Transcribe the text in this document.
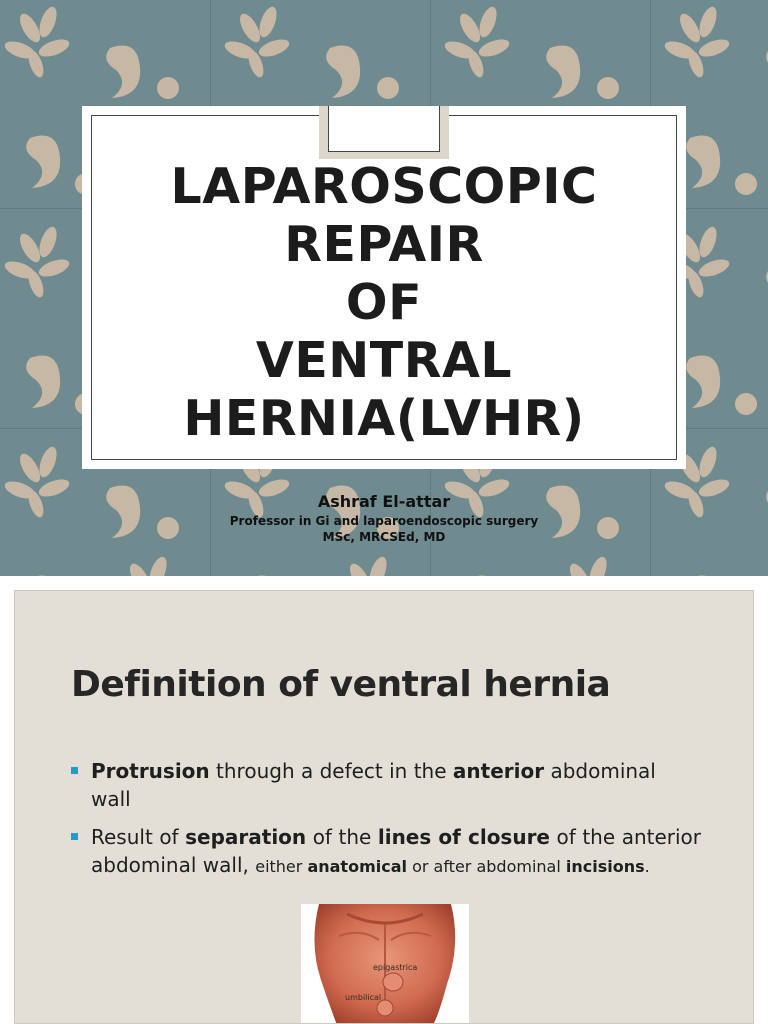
LAPAROSCOPIC
REPAIR
OF
VENTRAL
HERNIA(LVHR)
Ashraf El-attar
Professor in Gi and laparoendoscopic surgery
MSc, MRCSEd, MD
Definition of ventral hernia
Protrusion through a defect in the anterior abdominal wall
Result of separation of the lines of closure of the anterior abdominal wall, either anatomical or after abdominal incisions.
epigastrica
umbilical
